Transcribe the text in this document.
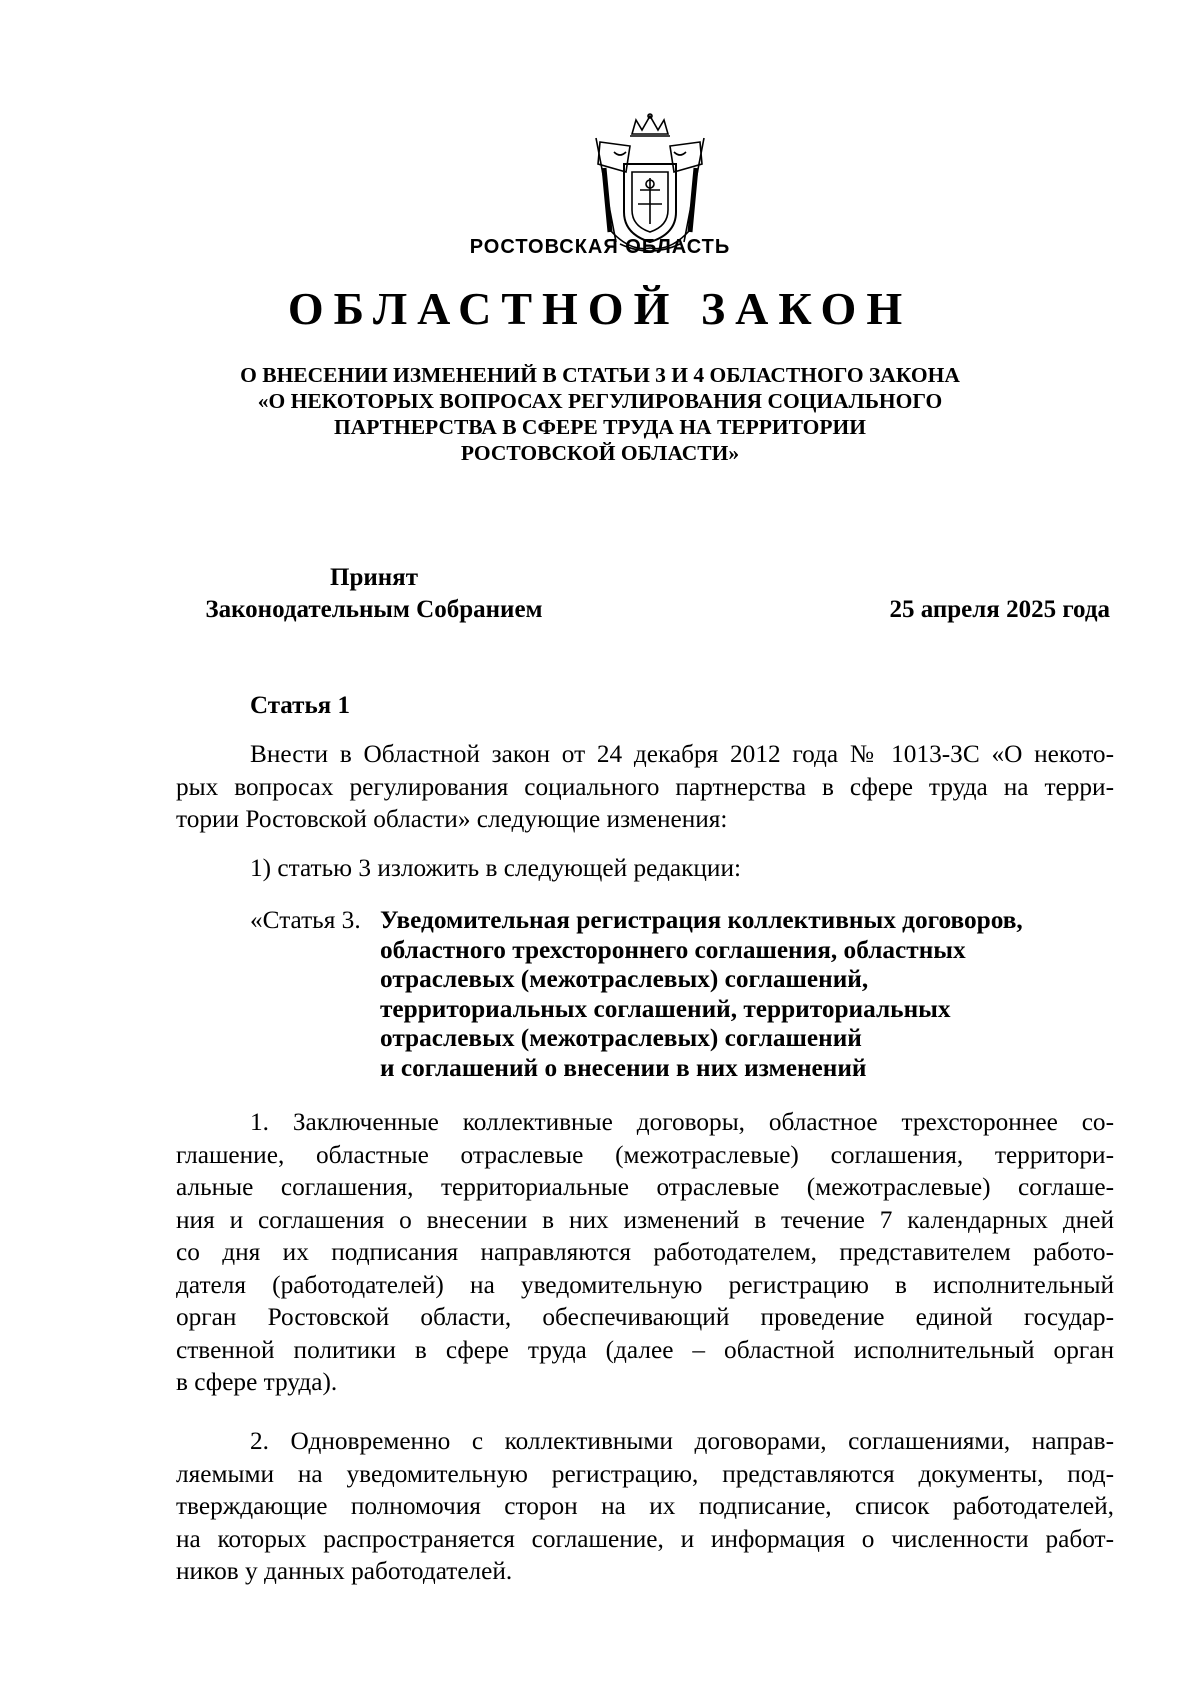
РОСТОВСКАЯ ОБЛАСТЬ
ОБЛАСТНОЙ ЗАКОН
О ВНЕСЕНИИ ИЗМЕНЕНИЙ В СТАТЬИ 3 И 4 ОБЛАСТНОГО ЗАКОНА
«О НЕКОТОРЫХ ВОПРОСАХ РЕГУЛИРОВАНИЯ СОЦИАЛЬНОГО
ПАРТНЕРСТВА В СФЕРЕ ТРУДА НА ТЕРРИТОРИИ
РОСТОВСКОЙ ОБЛАСТИ»
Принят
Законодательным Собранием	25 апреля 2025 года
Статья 1
Внести в Областной закон от 24 декабря 2012 года № 1013-ЗС «О некото-
рых вопросах регулирования социального партнерства в сфере труда на терри-
тории Ростовской области» следующие изменения:
1) статью 3 изложить в следующей редакции:
«Статья 3. Уведомительная регистрация коллективных договоров,
областного трехстороннего соглашения, областных
отраслевых (межотраслевых) соглашений,
территориальных соглашений, территориальных
отраслевых (межотраслевых) соглашений
и соглашений о внесении в них изменений
1. Заключенные коллективные договоры, областное трехстороннее со-
глашение, областные отраслевые (межотраслевые) соглашения, территори-
альные соглашения, территориальные отраслевые (межотраслевые) соглаше-
ния и соглашения о внесении в них изменений в течение 7 календарных дней
со дня их подписания направляются работодателем, представителем работо-
дателя (работодателей) на уведомительную регистрацию в исполнительный
орган Ростовской области, обеспечивающий проведение единой государ-
ственной политики в сфере труда (далее – областной исполнительный орган
в сфере труда).
2. Одновременно с коллективными договорами, соглашениями, направ-
ляемыми на уведомительную регистрацию, представляются документы, под-
тверждающие полномочия сторон на их подписание, список работодателей,
на которых распространяется соглашение, и информация о численности работ-
ников у данных работодателей.
